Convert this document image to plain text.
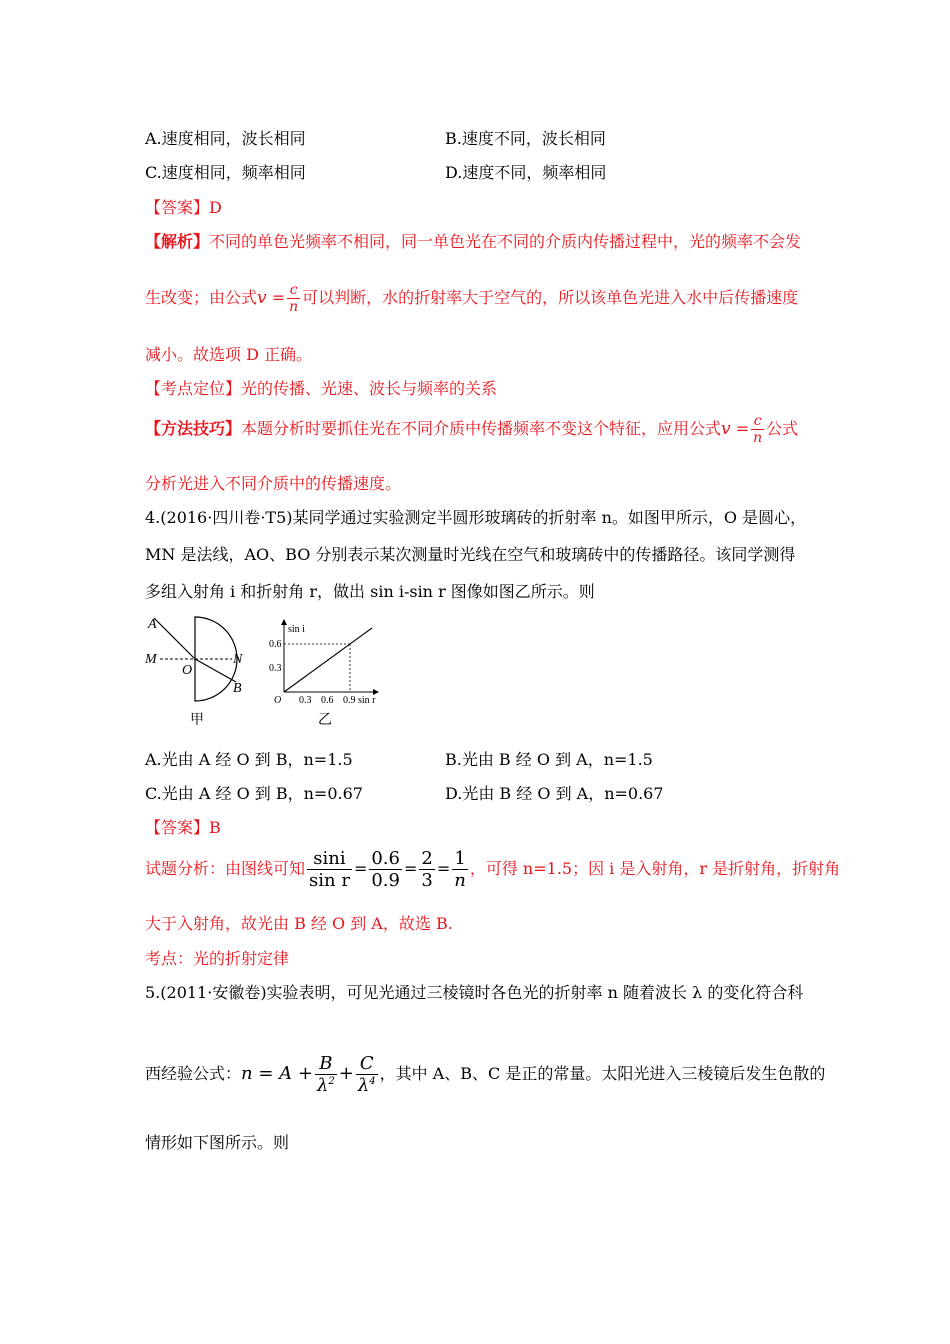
A.速度相同，波长相同	B.速度不同，波长相同
C.速度相同，频率相同	D.速度不同，频率相同
【答案】D
【解析】不同的单色光频率不相同，同一单色光在不同的介质内传播过程中，光的频率不会发
生改变；由公式$v = \frac{c}{n}$ 可以判断，水的折射率大于空气的，所以该单色光进入水中后传播速度
减小。故选项 D 正确。
【考点定位】光的传播、光速、波长与频率的关系
【方法技巧】本题分析时要抓住光在不同介质中传播频率不变这个特征，应用公式$v = \frac{c}{n}$ 公式
分析光进入不同介质中的传播速度。
4.(2016·四川卷·T5)某同学通过实验测定半圆形玻璃砖的折射率 n。如图甲所示，O 是圆心，
MN 是法线，AO、BO 分别表示某次测量时光线在空气和玻璃砖中的传播路径。该同学测得
多组入射角 i 和折射角 r，做出 sin i-sin r 图像如图乙所示。则
A
M
O
N
B
甲
sin i
sin r
O 0.3 0.6 0.9
0.3
0.6
乙
A.光由 A 经 O 到 B，n=1.5	B.光由 B 经 O 到 A，n=1.5
C.光由 A 经 O 到 B，n=0.67	D.光由 B 经 O 到 A，n=0.67
【答案】B
试题分析：由图线可知 $\frac{\sin i}{\text{sin r}} = \frac{0.6}{0.9} = \frac{2}{3} = \frac{1}{n}$ ，可得 n=1.5；因 i 是入射角，r 是折射角，折射角
大于入射角，故光由 B 经 O 到 A，故选 B.
考点：光的折射定律
5.(2011·安徽卷)实验表明，可见光通过三棱镜时各色光的折射率 n 随着波长 λ 的变化符合科
西经验公式：$n = A + \frac{B}{\lambda^2} + \frac{C}{\lambda^4}$ ，其中 A、B、C 是正的常量。太阳光进入三棱镜后发生色散的
情形如下图所示。则
